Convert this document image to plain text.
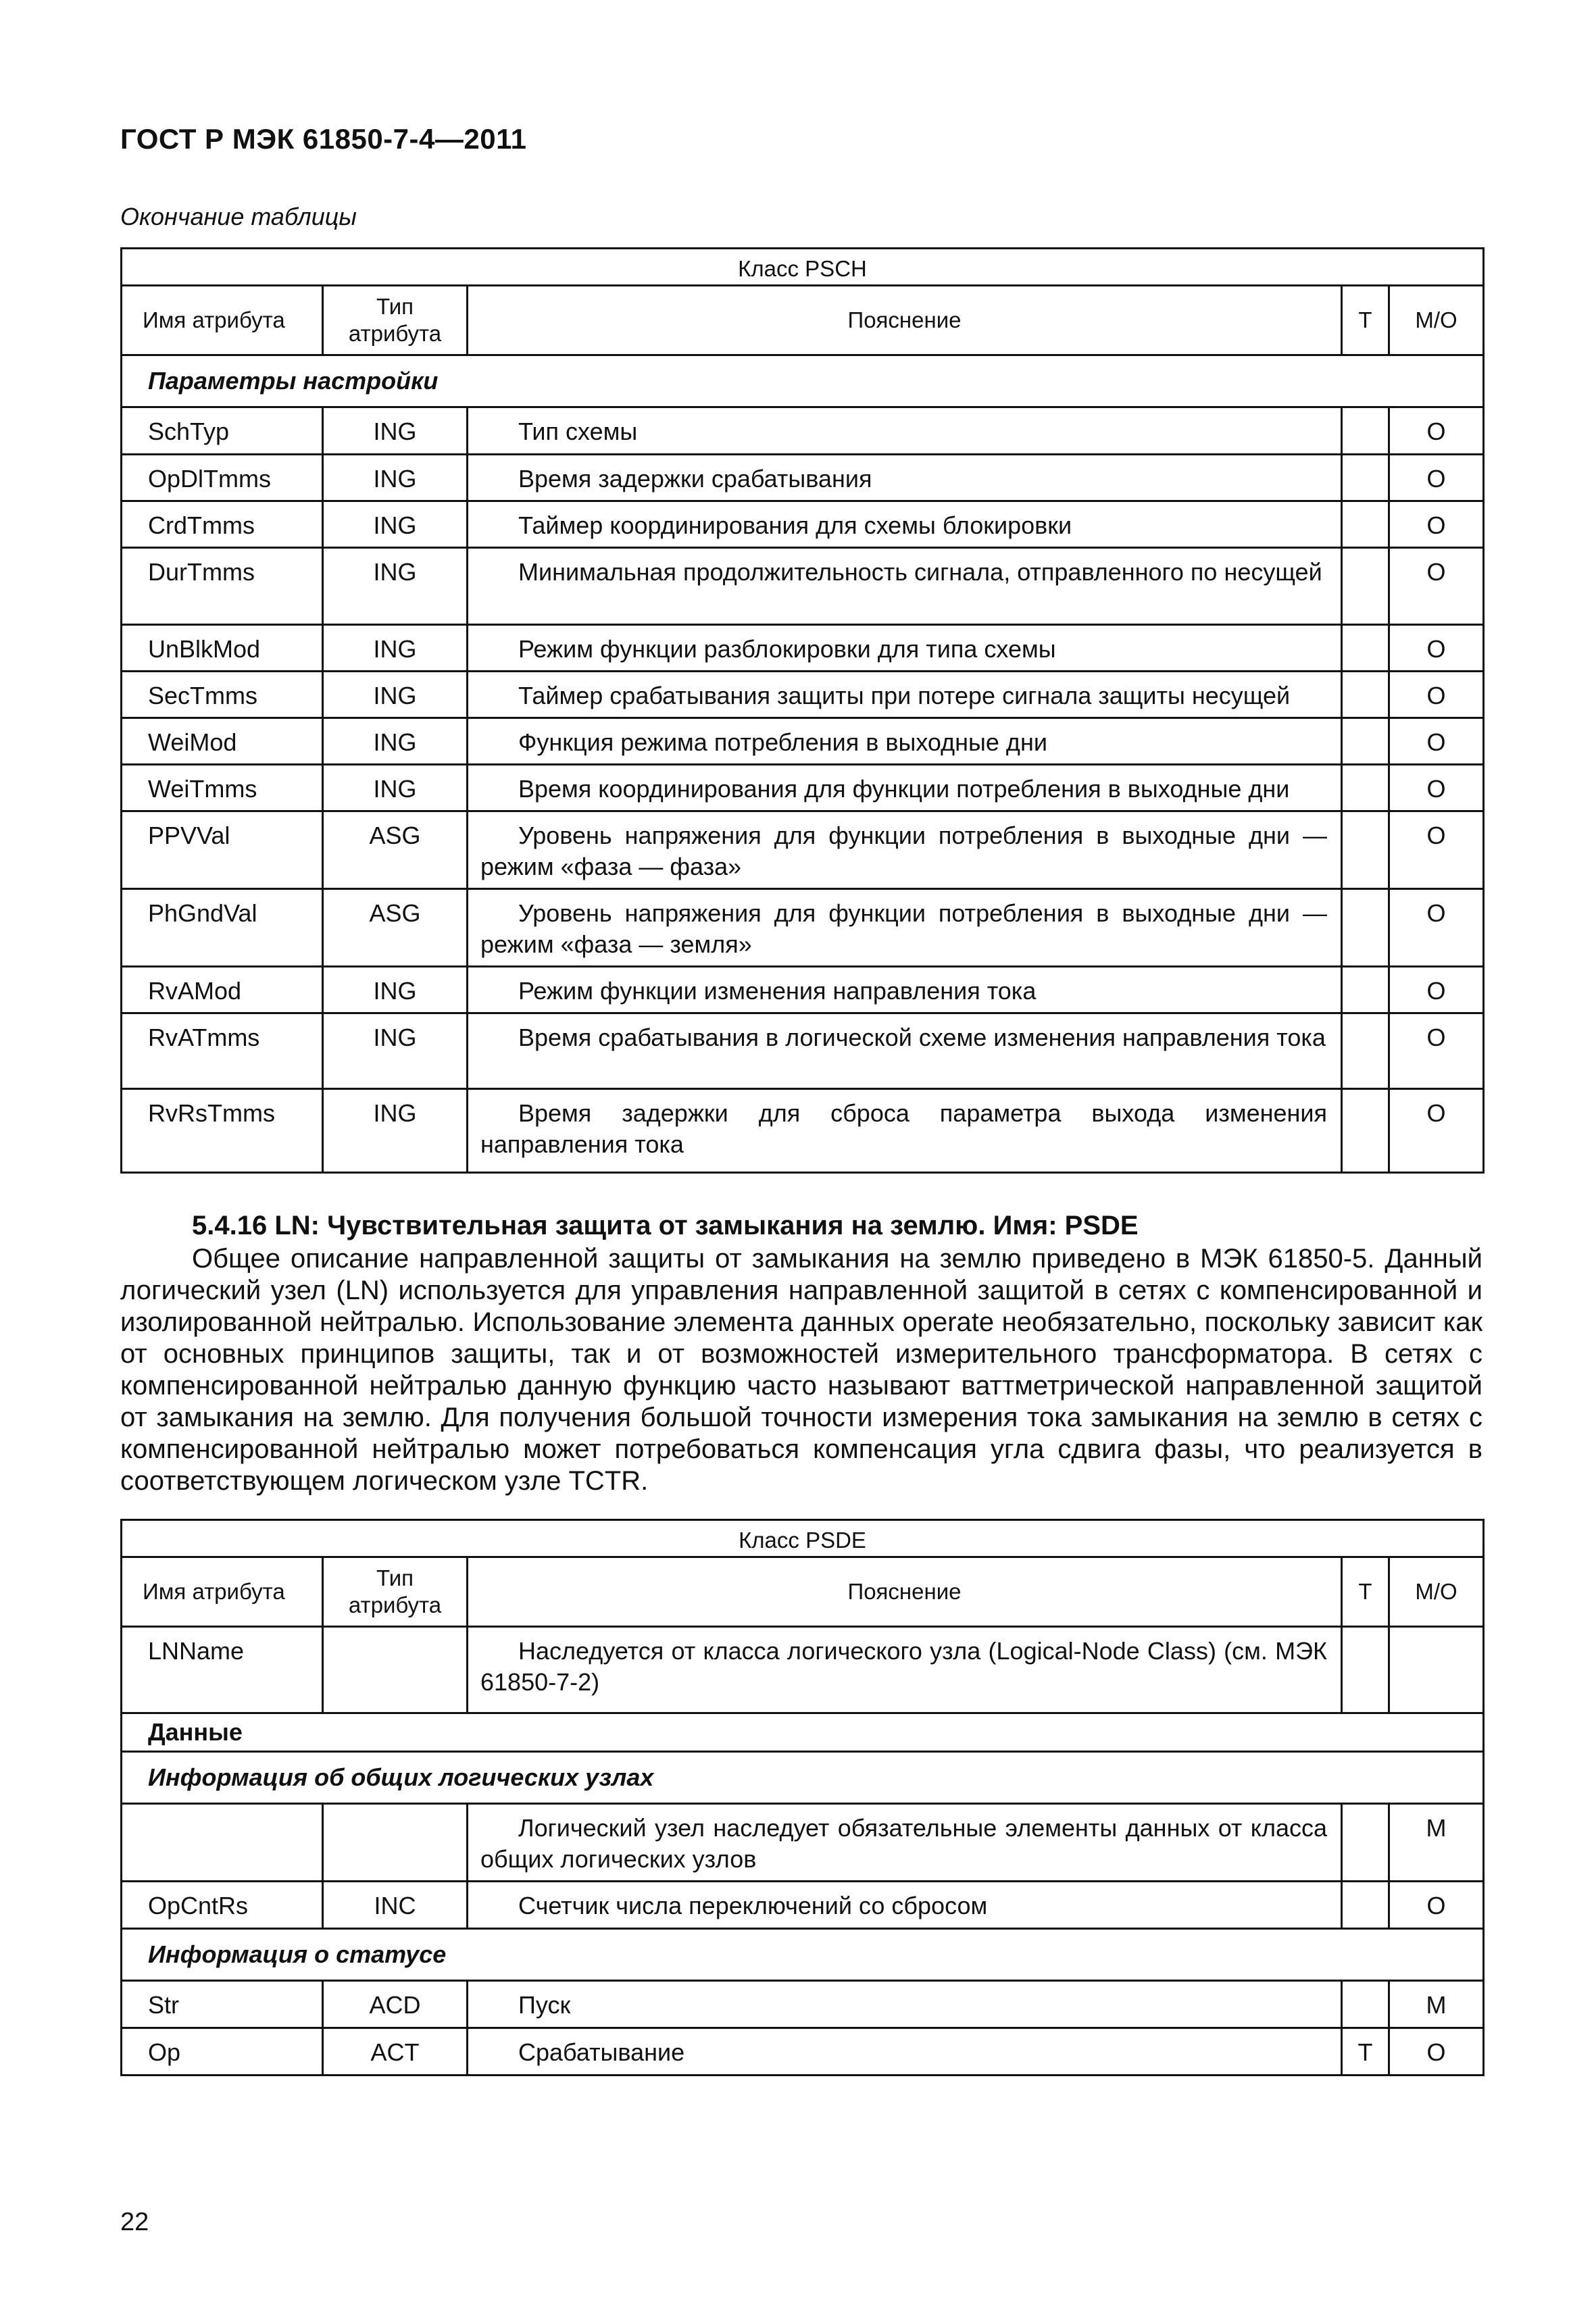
ГОСТ Р МЭК 61850-7-4—2011
Окончание таблицы
Класс PSCH				
Имя атрибута	Тип атрибута	Пояснение	T	M/O
Параметры настройки				
SchTyp	ING	Тип схемы		O
OpDlTmms	ING	Время задержки срабатывания		O
CrdTmms	ING	Таймер координирования для схемы блокировки		O
DurTmms	ING	Минимальная продолжительность сигнала, отправленного по несущей		O
UnBlkMod	ING	Режим функции разблокировки для типа схемы		O
SecTmms	ING	Таймер срабатывания защиты при потере сигнала защиты несущей		O
WeiMod	ING	Функция режима потребления в выходные дни		O
WeiTmms	ING	Время координирования для функции потребления в выходные дни		O
PPVVal	ASG	Уровень напряжения для функции потребления в выходные дни — режим «фаза — фаза»		O
PhGndVal	ASG	Уровень напряжения для функции потребления в выходные дни — режим «фаза — земля»		O
RvAMod	ING	Режим функции изменения направления тока		O
RvATmms	ING	Время срабатывания в логической схеме изменения направления тока		O
RvRsTmms	ING	Время задержки для сброса параметра выхода изменения направления тока		O
5.4.16 LN: Чувствительная защита от замыкания на землю. Имя: PSDE
Общее описание направленной защиты от замыкания на землю приведено в МЭК 61850-5. Данный логический узел (LN) используется для управления направленной защитой в сетях с компенсированной и изолированной нейтралью. Использование элемента данных operate необязательно, поскольку зависит как от основных принципов защиты, так и от возможностей измерительного трансформатора. В сетях с компенсированной нейтралью данную функцию часто называют ваттметрической направленной защитой от замыкания на землю. Для получения большой точности измерения тока замыкания на землю в сетях с компенсированной нейтралью может потребоваться компенсация угла сдвига фазы, что реализуется в соответствующем логическом узле TCTR.
Класс PSDE				
Имя атрибута	Тип атрибута	Пояснение	T	M/O
LNName		Наследуется от класса логического узла (Logical-Node Class) (см. МЭК 61850-7-2)		
Данные				
Информация об общих логических узлах				
		Логический узел наследует обязательные элементы данных от класса общих логических узлов		M
OpCntRs	INC	Счетчик числа переключений со сбросом		O
Информация о статусе				
Str	ACD	Пуск		M
Op	ACT	Срабатывание	T	O
22
